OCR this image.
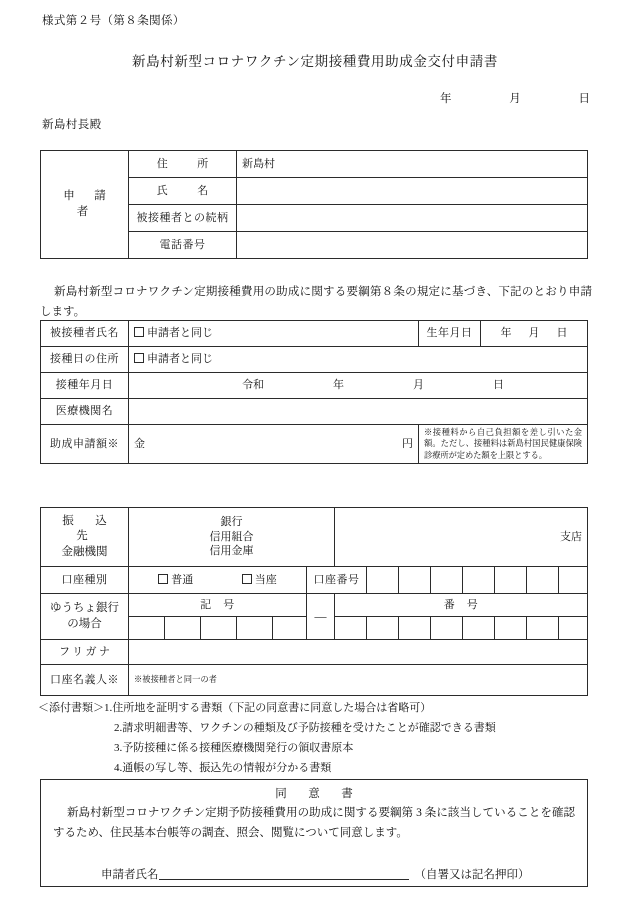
様式第２号（第８条関係）
新島村新型コロナワクチン定期接種費用助成金交付申請書
年	月	日
新島村長殿
申　請　者	住　　所	新島村
	氏　　名	
	被接種者との続柄	
	電話番号	
新島村新型コロナワクチン定期接種費用の助成に関する要綱第８条の規定に基づき、下記のとおり申請します。
被接種者氏名	申請者と同じ	生年月日	年 月 日

接種日の住所	申請者と同じ		
接種年月日	令和 年 月 日		

医療機関名			
助成申請額※	金 円	※接種料から自己負担額を差し引いた金額。ただし、接種料は新島村国民健康保険診療所が定めた額を上限とする。	
振　込　先
金融機関

銀行
信用組合
信用金庫
	支店

口座種別	普通 当座					口座番号								

ゆうちょ銀行
の場合	記　号					—	番　号							

フリガナ														
口座名義人※	※被接種者と同一の者													
＜添付書類＞1.住所地を証明する書類（下記の同意書に同意した場合は省略可）
2.請求明細書等、ワクチンの種類及び予防接種を受けたことが確認できる書類
3.予防接種に係る接種医療機関発行の領収書原本
4.通帳の写し等、振込先の情報が分かる書類
同　意　書
新島村新型コロナワクチン定期予防接種費用の助成に関する要綱第 3 条に該当していることを確認するため、住民基本台帳等の調査、照会、閲覧について同意します。
申請者氏名	（自署又は記名押印）
